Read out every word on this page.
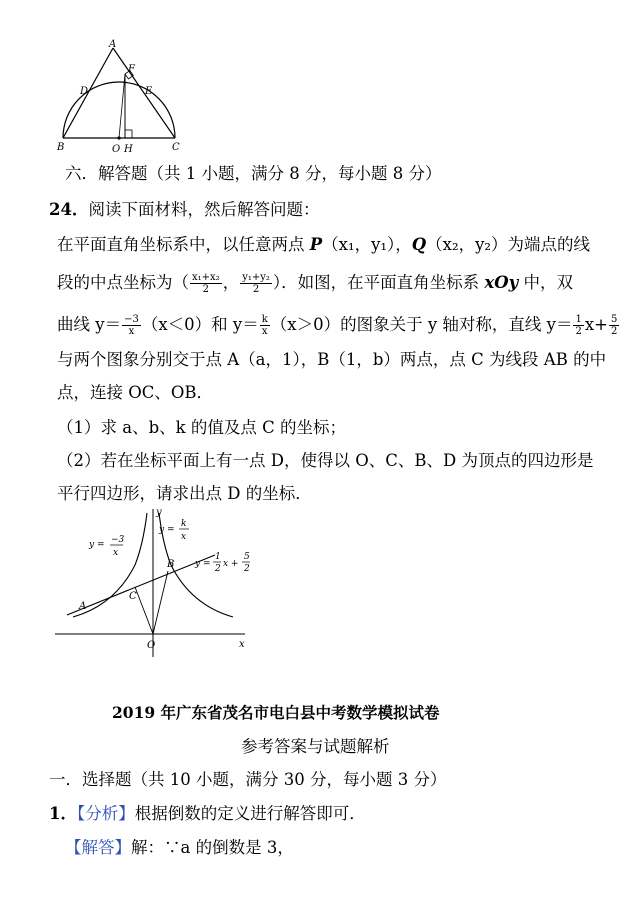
A
F
D	E
B	O H	C
六．解答题（共 1 小题，满分 8 分，每小题 8 分）
24．阅读下面材料，然后解答问题：
在平面直角坐标系中，以任意两点 P（x₁，y₁），Q（x₂，y₂）为端点的线
段的中点坐标为（ $\frac{\text{x₁+x₂}}{2}$ ， $\frac{\text{y₁+y₂}}{2}$ ）．如图，在平面直角坐标系 xOy 中，双
曲线 $y= \frac{-3}{x} (x<0)$和 $y= \frac{k}{x} (x>0)$的图象关于 y 轴对称，直线 $y= \frac{1}{2} x+ \frac{5}{2}$
与两个图象分别交于点 A（a，1），B（1，b）两点，点 C 为线段 AB 的中
点，连接 OC、OB．
（1）求 a、b、k 的值及点 C 的坐标；
（2）若在坐标平面上有一点 D，使得以 O、C、B、D 为顶点的四边形是
平行四边形，请求出点 D 的坐标．
y = −3
x
y =
k
x
y =
1
2 x +
5
2
y
x
O
A
B
C
2019 年广东省茂名市电白县中考数学模拟试卷
参考答案与试题解析
一．选择题（共 10 小题，满分 30 分，每小题 3 分）
1．【分析】根据倒数的定义进行解答即可．
【解答】解：∵a 的倒数是 3，
